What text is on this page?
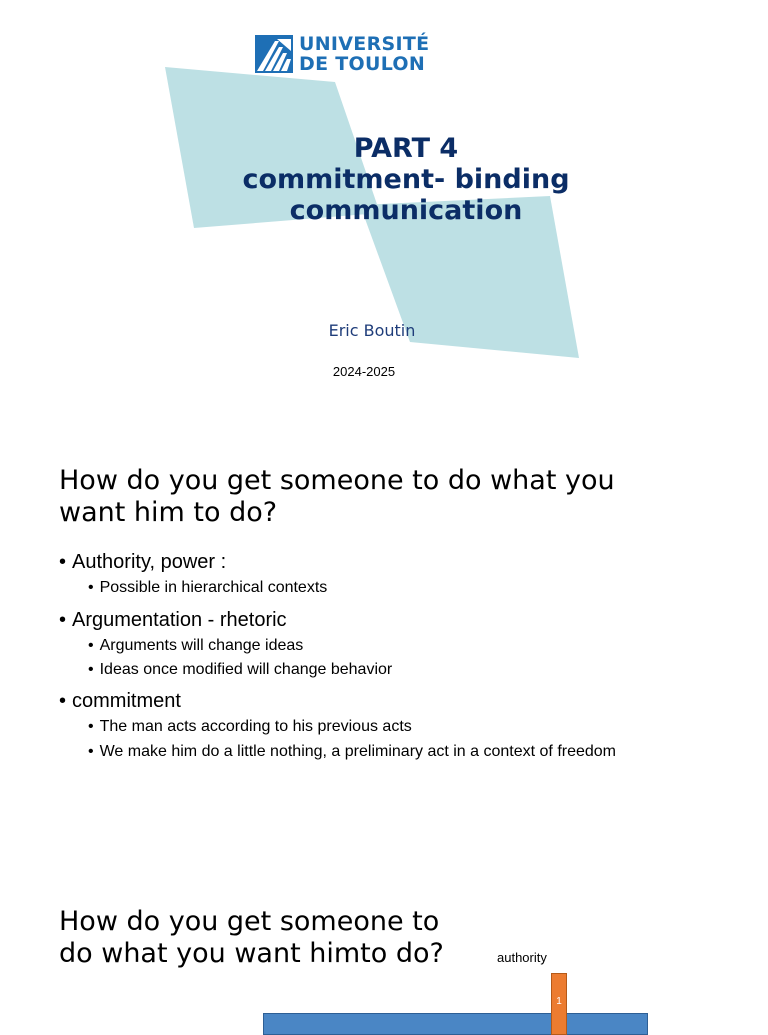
UNIVERSITÉ
DE TOULON
PART 4
commitment- binding
communication
Eric Boutin
2024-2025
How do you get someone to do what you
want him to do?
• Authority, power :
• Possible in hierarchical contexts
• Argumentation - rhetoric
• Arguments will change ideas
• Ideas once modified will change behavior
• commitment
• The man acts according to his previous acts
• We make him do a little nothing, a preliminary act in a context of freedom
How do you get someone to
do what you want himto do?	authority
1
